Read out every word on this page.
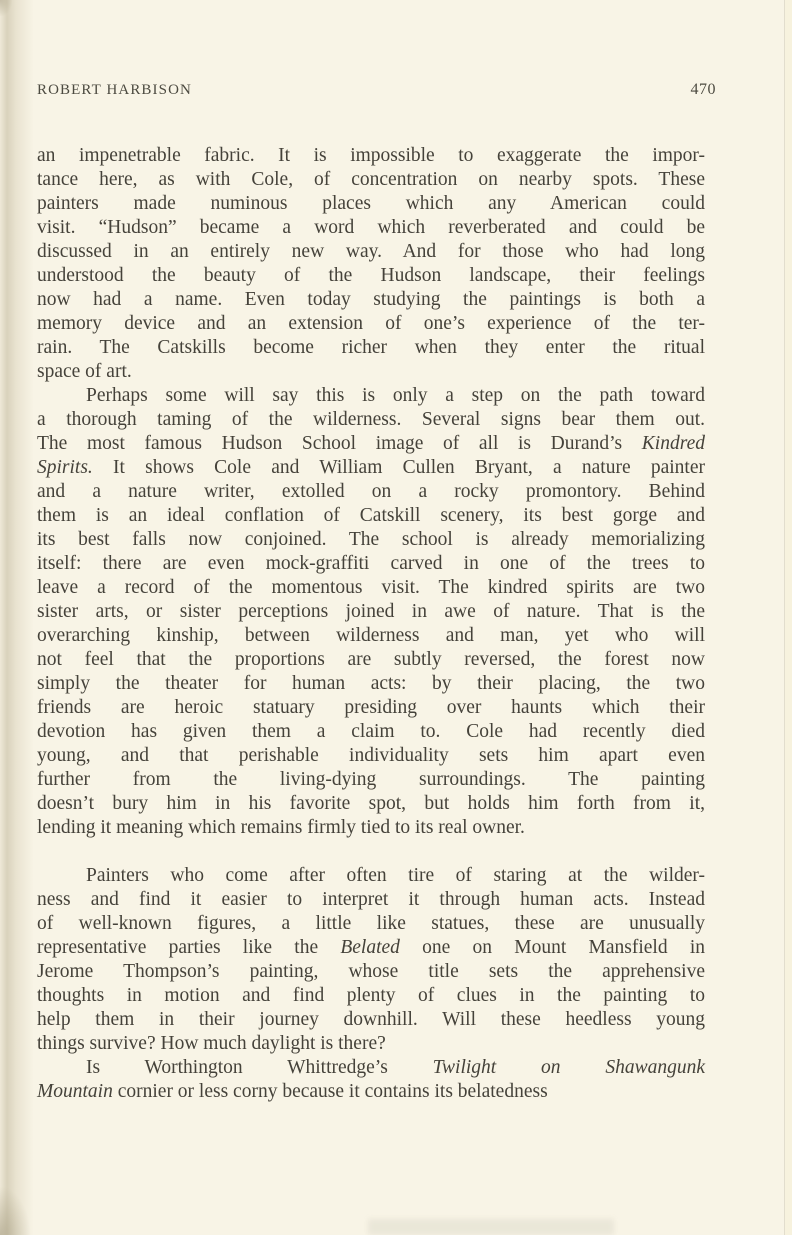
ROBERT HARBISON	470
an impenetrable fabric. It is impossible to exaggerate the impor-
tance here, as with Cole, of concentration on nearby spots. These
painters made numinous places which any American could
visit. “Hudson” became a word which reverberated and could be
discussed in an entirely new way. And for those who had long
understood the beauty of the Hudson landscape, their feelings
now had a name. Even today studying the paintings is both a
memory device and an extension of one’s experience of the ter-
rain. The Catskills become richer when they enter the ritual
space of art.
Perhaps some will say this is only a step on the path toward
a thorough taming of the wilderness. Several signs bear them out.
The most famous Hudson School image of all is Durand’s Kindred
Spirits. It shows Cole and William Cullen Bryant, a nature painter
and a nature writer, extolled on a rocky promontory. Behind
them is an ideal conflation of Catskill scenery, its best gorge and
its best falls now conjoined. The school is already memorializing
itself: there are even mock-graffiti carved in one of the trees to
leave a record of the momentous visit. The kindred spirits are two
sister arts, or sister perceptions joined in awe of nature. That is the
overarching kinship, between wilderness and man, yet who will
not feel that the proportions are subtly reversed, the forest now
simply the theater for human acts: by their placing, the two
friends are heroic statuary presiding over haunts which their
devotion has given them a claim to. Cole had recently died
young, and that perishable individuality sets him apart even
further from the living-dying surroundings. The painting
doesn’t bury him in his favorite spot, but holds him forth from it,
lending it meaning which remains firmly tied to its real owner.
Painters who come after often tire of staring at the wilder-
ness and find it easier to interpret it through human acts. Instead
of well-known figures, a little like statues, these are unusually
representative parties like the Belated one on Mount Mansfield in
Jerome Thompson’s painting, whose title sets the apprehensive
thoughts in motion and find plenty of clues in the painting to
help them in their journey downhill. Will these heedless young
things survive? How much daylight is there?
Is Worthington Whittredge’s Twilight on Shawangunk
Mountain cornier or less corny because it contains its belatedness
